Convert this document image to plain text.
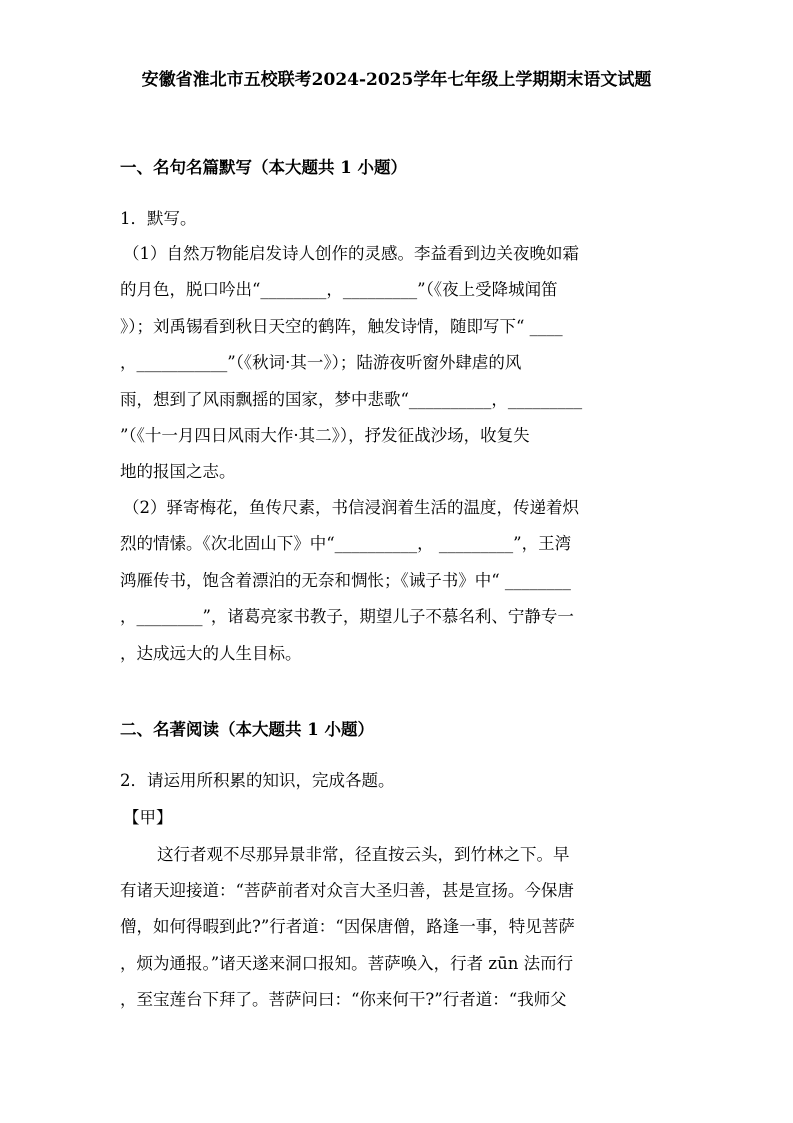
安徽省淮北市五校联考2024-2025学年七年级上学期期末语文试题
一、名句名篇默写（本大题共 1 小题）
1．默写。
（1）自然万物能启发诗人创作的灵感。李益看到边关夜晚如霜
的月色，脱口吟出“________，_________”（《夜上受降城闻笛
》）；刘禹锡看到秋日天空的鹤阵，触发诗情，随即写下“ ____
，___________”（《秋词·其一》）；陆游夜听窗外肆虐的风
雨，想到了风雨飘摇的国家，梦中悲歌“__________，_________
”（《十一月四日风雨大作·其二》），抒发征战沙场，收复失
地的报国之志。
（2）驿寄梅花，鱼传尺素，书信浸润着生活的温度，传递着炽
烈的情愫。《次北固山下》中“__________， _________”，王湾
鸿雁传书，饱含着漂泊的无奈和惆怅；《诫子书》中“ ________
，________”，诸葛亮家书教子，期望儿子不慕名利、宁静专一
，达成远大的人生目标。
二、名著阅读（本大题共 1 小题）
2．请运用所积累的知识，完成各题。
【甲】
这行者观不尽那异景非常，径直按云头，到竹林之下。早
有诸天迎接道：“菩萨前者对众言大圣归善，甚是宣扬。今保唐
僧，如何得暇到此?”行者道：“因保唐僧，路逢一事，特见菩萨
，烦为通报。”诸天遂来洞口报知。菩萨唤入，行者 zūn 法而行
，至宝莲台下拜了。菩萨问曰：“你来何干?”行者道：“我师父
